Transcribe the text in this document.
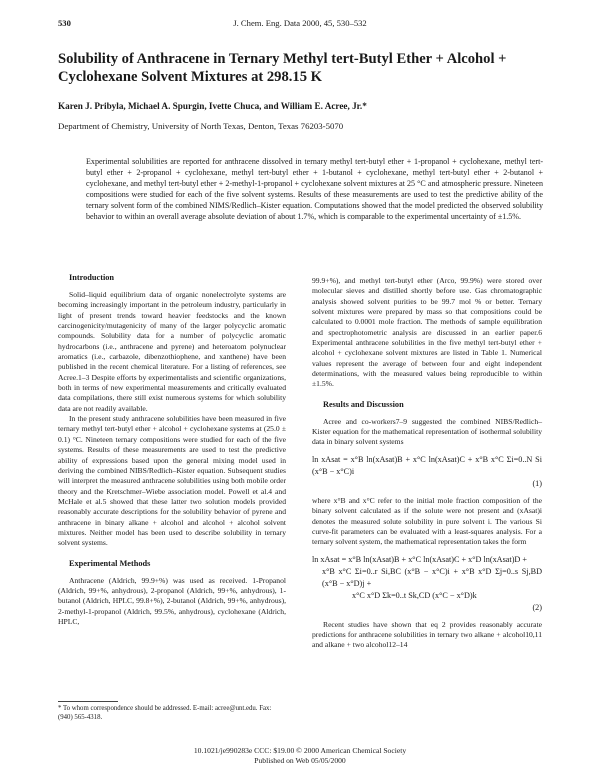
530	J. Chem. Eng. Data 2000, 45, 530–532
Solubility of Anthracene in Ternary Methyl tert-Butyl Ether + Alcohol + Cyclohexane Solvent Mixtures at 298.15 K
Karen J. Pribyla, Michael A. Spurgin, Ivette Chuca, and William E. Acree, Jr.*
Department of Chemistry, University of North Texas, Denton, Texas 76203-5070
Experimental solubilities are reported for anthracene dissolved in ternary methyl tert-butyl ether + 1-propanol + cyclohexane, methyl tert-butyl ether + 2-propanol + cyclohexane, methyl tert-butyl ether + 1-butanol + cyclohexane, methyl tert-butyl ether + 2-butanol + cyclohexane, and methyl tert-butyl ether + 2-methyl-1-propanol + cyclohexane solvent mixtures at 25 °C and atmospheric pressure. Nineteen compositions were studied for each of the five solvent systems. Results of these measurements are used to test the predictive ability of the ternary solvent form of the combined NIMS/Redlich–Kister equation. Computations showed that the model predicted the observed solubility behavior to within an overall average absolute deviation of about 1.7%, which is comparable to the experimental uncertainty of ±1.5%.

Introduction

Solid–liquid equilibrium data of organic nonelectrolyte systems are becoming increasingly important in the petroleum industry, particularly in light of present trends toward heavier feedstocks and the known carcinogenicity/mutagenicity of many of the larger polycyclic aromatic compounds. Solubility data for a number of polycyclic aromatic hydrocarbons (i.e., anthracene and pyrene) and heteroatom polynuclear aromatics (i.e., carbazole, dibenzothiophene, and xanthene) have been published in the recent chemical literature. For a listing of references, see Acree.1–3 Despite efforts by experimentalists and scientific organizations, both in terms of new experimental measurements and critically evaluated data compilations, there still exist numerous systems for which solubility data are not readily available.

In the present study anthracene solubilities have been measured in five ternary methyl tert-butyl ether + alcohol + cyclohexane systems at (25.0 ± 0.1) °C. Nineteen ternary compositions were studied for each of the five systems. Results of these measurements are used to test the predictive ability of expressions based upon the general mixing model used in deriving the combined NIBS/Redlich–Kister equation. Subsequent studies will interpret the measured anthracene solubilities using both mobile order theory and the Kretschmer–Wiebe association model. Powell et al.4 and McHale et al.5 showed that these latter two solution models provided reasonably accurate descriptions for the solubility behavior of pyrene and anthracene in binary alkane + alcohol and alcohol + alcohol solvent mixtures. Neither model has been used to describe solubility in ternary solvent systems.

Experimental Methods

Anthracene (Aldrich, 99.9+%) was used as received. 1-Propanol (Aldrich, 99+%, anhydrous), 2-propanol (Aldrich, 99+%, anhydrous), 1-butanol (Aldrich, HPLC, 99.8+%), 2-butanol (Aldrich, 99+%, anhydrous), 2-methyl-1-propanol (Aldrich, 99.5%, anhydrous), cyclohexane (Aldrich, HPLC,

* To whom correspondence should be addressed. E-mail: acree@unt.edu. Fax: (940) 565-4318.

99.9+%), and methyl tert-butyl ether (Arco, 99.9%) were stored over molecular sieves and distilled shortly before use. Gas chromatographic analysis showed solvent purities to be 99.7 mol % or better. Ternary solvent mixtures were prepared by mass so that compositions could be calculated to 0.0001 mole fraction. The methods of sample equilibration and spectrophotometric analysis are discussed in an earlier paper.6 Experimental anthracene solubilities in the five methyl tert-butyl ether + alcohol + cyclohexane solvent mixtures are listed in Table 1. Numerical values represent the average of between four and eight independent determinations, with the measured values being reproducible to within ±1.5%.

Results and Discussion

Acree and co-workers7–9 suggested the combined NIBS/Redlich–Kister equation for the mathematical representation of isothermal solubility data in binary solvent systems

ln xAsat = x°B ln(xAsat)B + x°C ln(xAsat)C + x°B x°C Σi=0..N Si (x°B − x°C)i
(1)

where x°B and x°C refer to the initial mole fraction composition of the binary solvent calculated as if the solute were not present and (xAsat)i denotes the measured solute solubility in pure solvent i. The various Si curve-fit parameters can be evaluated with a least-squares analysis. For a ternary solvent system, the mathematical representation takes the form

ln xAsat = x°B ln(xAsat)B + x°C ln(xAsat)C + x°D ln(xAsat)D +
x°B x°C Σi=0..r Si,BC (x°B − x°C)i + x°B x°D Σj=0..s Sj,BD (x°B − x°D)j +
x°C x°D Σk=0..t Sk,CD (x°C − x°D)k
(2)

Recent studies have shown that eq 2 provides reasonably accurate predictions for anthracene solubilities in ternary two alkane + alcohol10,11 and alkane + two alcohol12–14

10.1021/je990283e CCC: $19.00 © 2000 American Chemical Society
Published on Web 05/05/2000
